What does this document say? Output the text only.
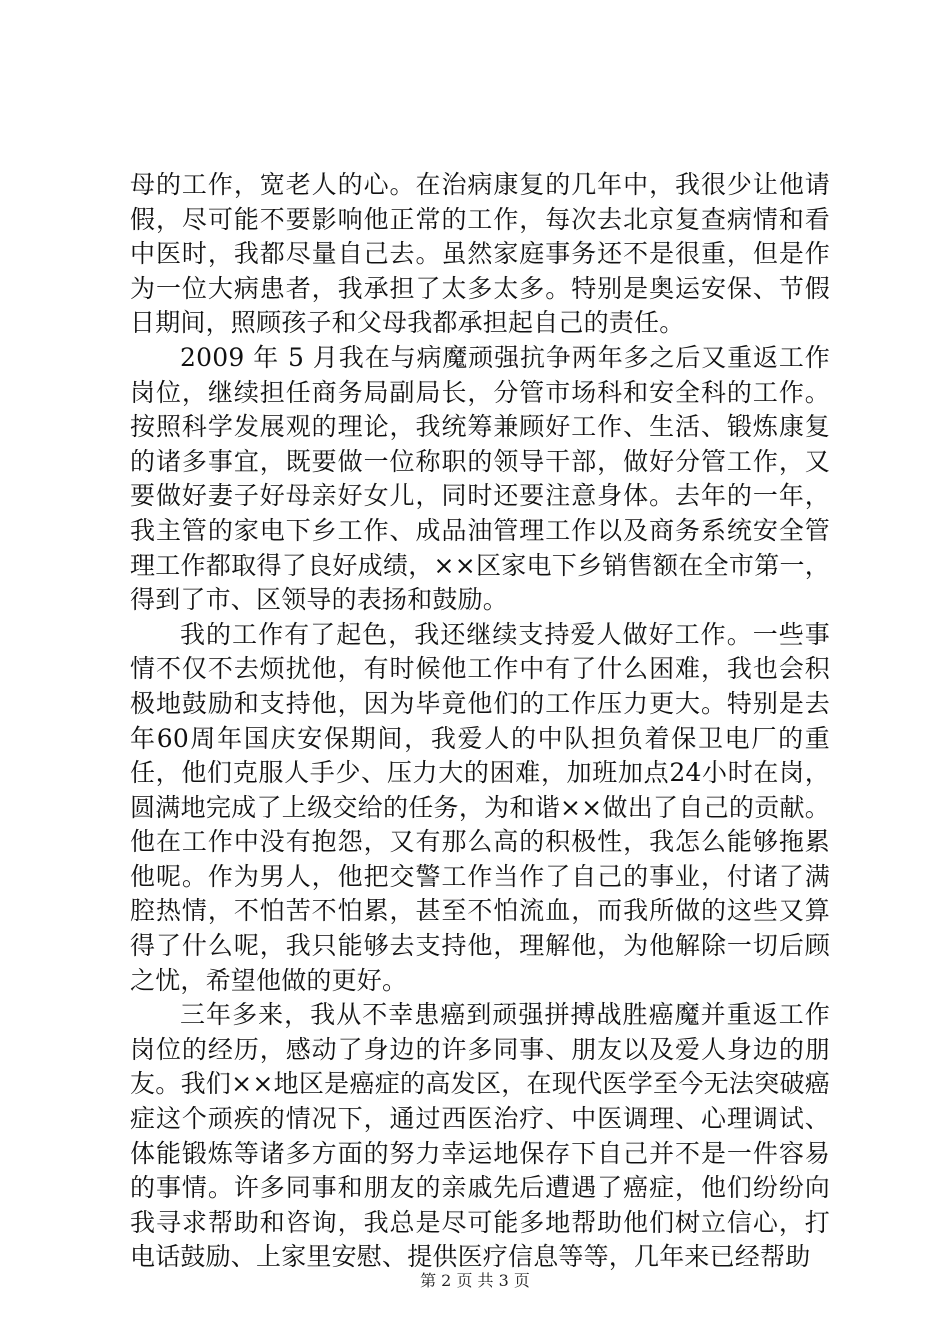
母的工作，宽老人的心。在治病康复的几年中，我很少让他请假，尽可能不要影响他正常的工作，每次去北京复查病情和看中医时，我都尽量自己去。虽然家庭事务还不是很重，但是作为一位大病患者，我承担了太多太多。特别是奥运安保、节假日期间，照顾孩子和父母我都承担起自己的责任。

2009 年 5 月我在与病魔顽强抗争两年多之后又重返工作岗位，继续担任商务局副局长，分管市场科和安全科的工作。按照科学发展观的理论，我统筹兼顾好工作、生活、锻炼康复的诸多事宜，既要做一位称职的领导干部，做好分管工作，又要做好妻子好母亲好女儿，同时还要注意身体。去年的一年，我主管的家电下乡工作、成品油管理工作以及商务系统安全管理工作都取得了良好成绩，××区家电下乡销售额在全市第一，得到了市、区领导的表扬和鼓励。

我的工作有了起色，我还继续支持爱人做好工作。一些事情不仅不去烦扰他，有时候他工作中有了什么困难，我也会积极地鼓励和支持他，因为毕竟他们的工作压力更大。特别是去年60周年国庆安保期间，我爱人的中队担负着保卫电厂的重任，他们克服人手少、压力大的困难，加班加点24小时在岗，圆满地完成了上级交给的任务，为和谐××做出了自己的贡献。他在工作中没有抱怨，又有那么高的积极性，我怎么能够拖累他呢。作为男人，他把交警工作当作了自己的事业，付诸了满腔热情，不怕苦不怕累，甚至不怕流血，而我所做的这些又算得了什么呢，我只能够去支持他，理解他，为他解除一切后顾之忧，希望他做的更好。

三年多来，我从不幸患癌到顽强拼搏战胜癌魔并重返工作岗位的经历，感动了身边的许多同事、朋友以及爱人身边的朋友。我们××地区是癌症的高发区，在现代医学至今无法突破癌症这个顽疾的情况下，通过西医治疗、中医调理、心理调试、体能锻炼等诸多方面的努力幸运地保存下自己并不是一件容易的事情。许多同事和朋友的亲戚先后遭遇了癌症，他们纷纷向我寻求帮助和咨询，我总是尽可能多地帮助他们树立信心，打电话鼓励、上家里安慰、提供医疗信息等等，几年来已经帮助

第 2 页 共 3 页
